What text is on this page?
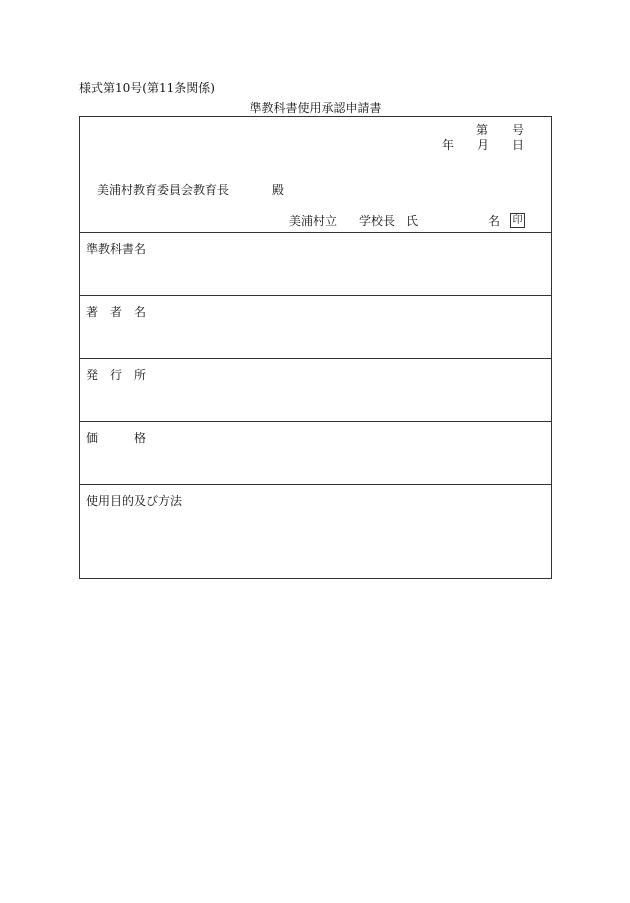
様式第10号(第11条関係)
準教科書使用承認申請書
第 号
年 月 日
美浦村教育委員会教育長	殿
美浦村立 学校長 氏	名 印
準教科書名
著　者　名
発　行　所
価　　　格
使用目的及び方法
